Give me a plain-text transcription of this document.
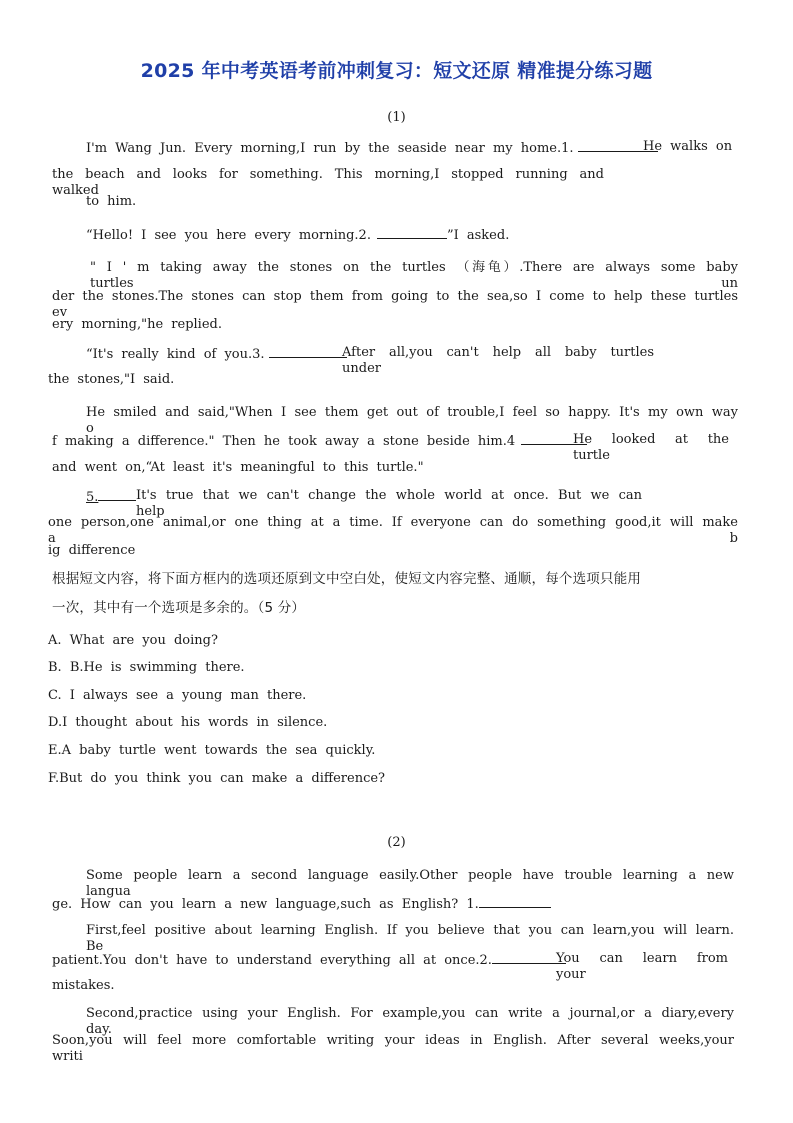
2025 年中考英语考前冲刺复习：短文还原 精准提分练习题
(1)
I'm Wang Jun. Every morning,I run by the seaside near my home.1.	He walks on
the beach and looks for something. This morning,I stopped running and walked
to him.
“Hello! I see you here every morning.2.	”I asked.
" I ' m taking away the stones on the turtles （海龟）.There are always some baby turtles un
der the stones.The stones can stop them from going to the sea,so I come to help these turtles ev
ery morning,"he replied.
“It's really kind of you.3.	After all,you can't help all baby turtles under
the stones,"I said.
He smiled and said,"When I see them get out of trouble,I feel so happy. It's my own way o
f making a difference." Then he took away a stone beside him.4	He looked at the turtle
and went on,“At least it's meaningful to this turtle."
5.	It's true that we can't change the whole world at once. But we can help
one person,one animal,or one thing at a time. If everyone can do something good,it will make a b
ig difference
根据短文内容，将下面方框内的选项还原到文中空白处，使短文内容完整、通顺，每个选项只能用
一次，其中有一个选项是多余的。（5 分）
A. What are you doing?
B. B.He is swimming there.
C. I always see a young man there.
D.I thought about his words in silence.
E.A baby turtle went towards the sea quickly.
F.But do you think you can make a difference?
(2)
Some people learn a second language easily.Other people have trouble learning a new langua
ge. How can you learn a new language,such as English? 1.
First,feel positive about learning English. If you believe that you can learn,you will learn. Be
patient.You don't have to understand everything all at once.2.	You can learn from your
mistakes.
Second,practice using your English. For example,you can write a journal,or a diary,every day.
Soon,you will feel more comfortable writing your ideas in English. After several weeks,your writi
